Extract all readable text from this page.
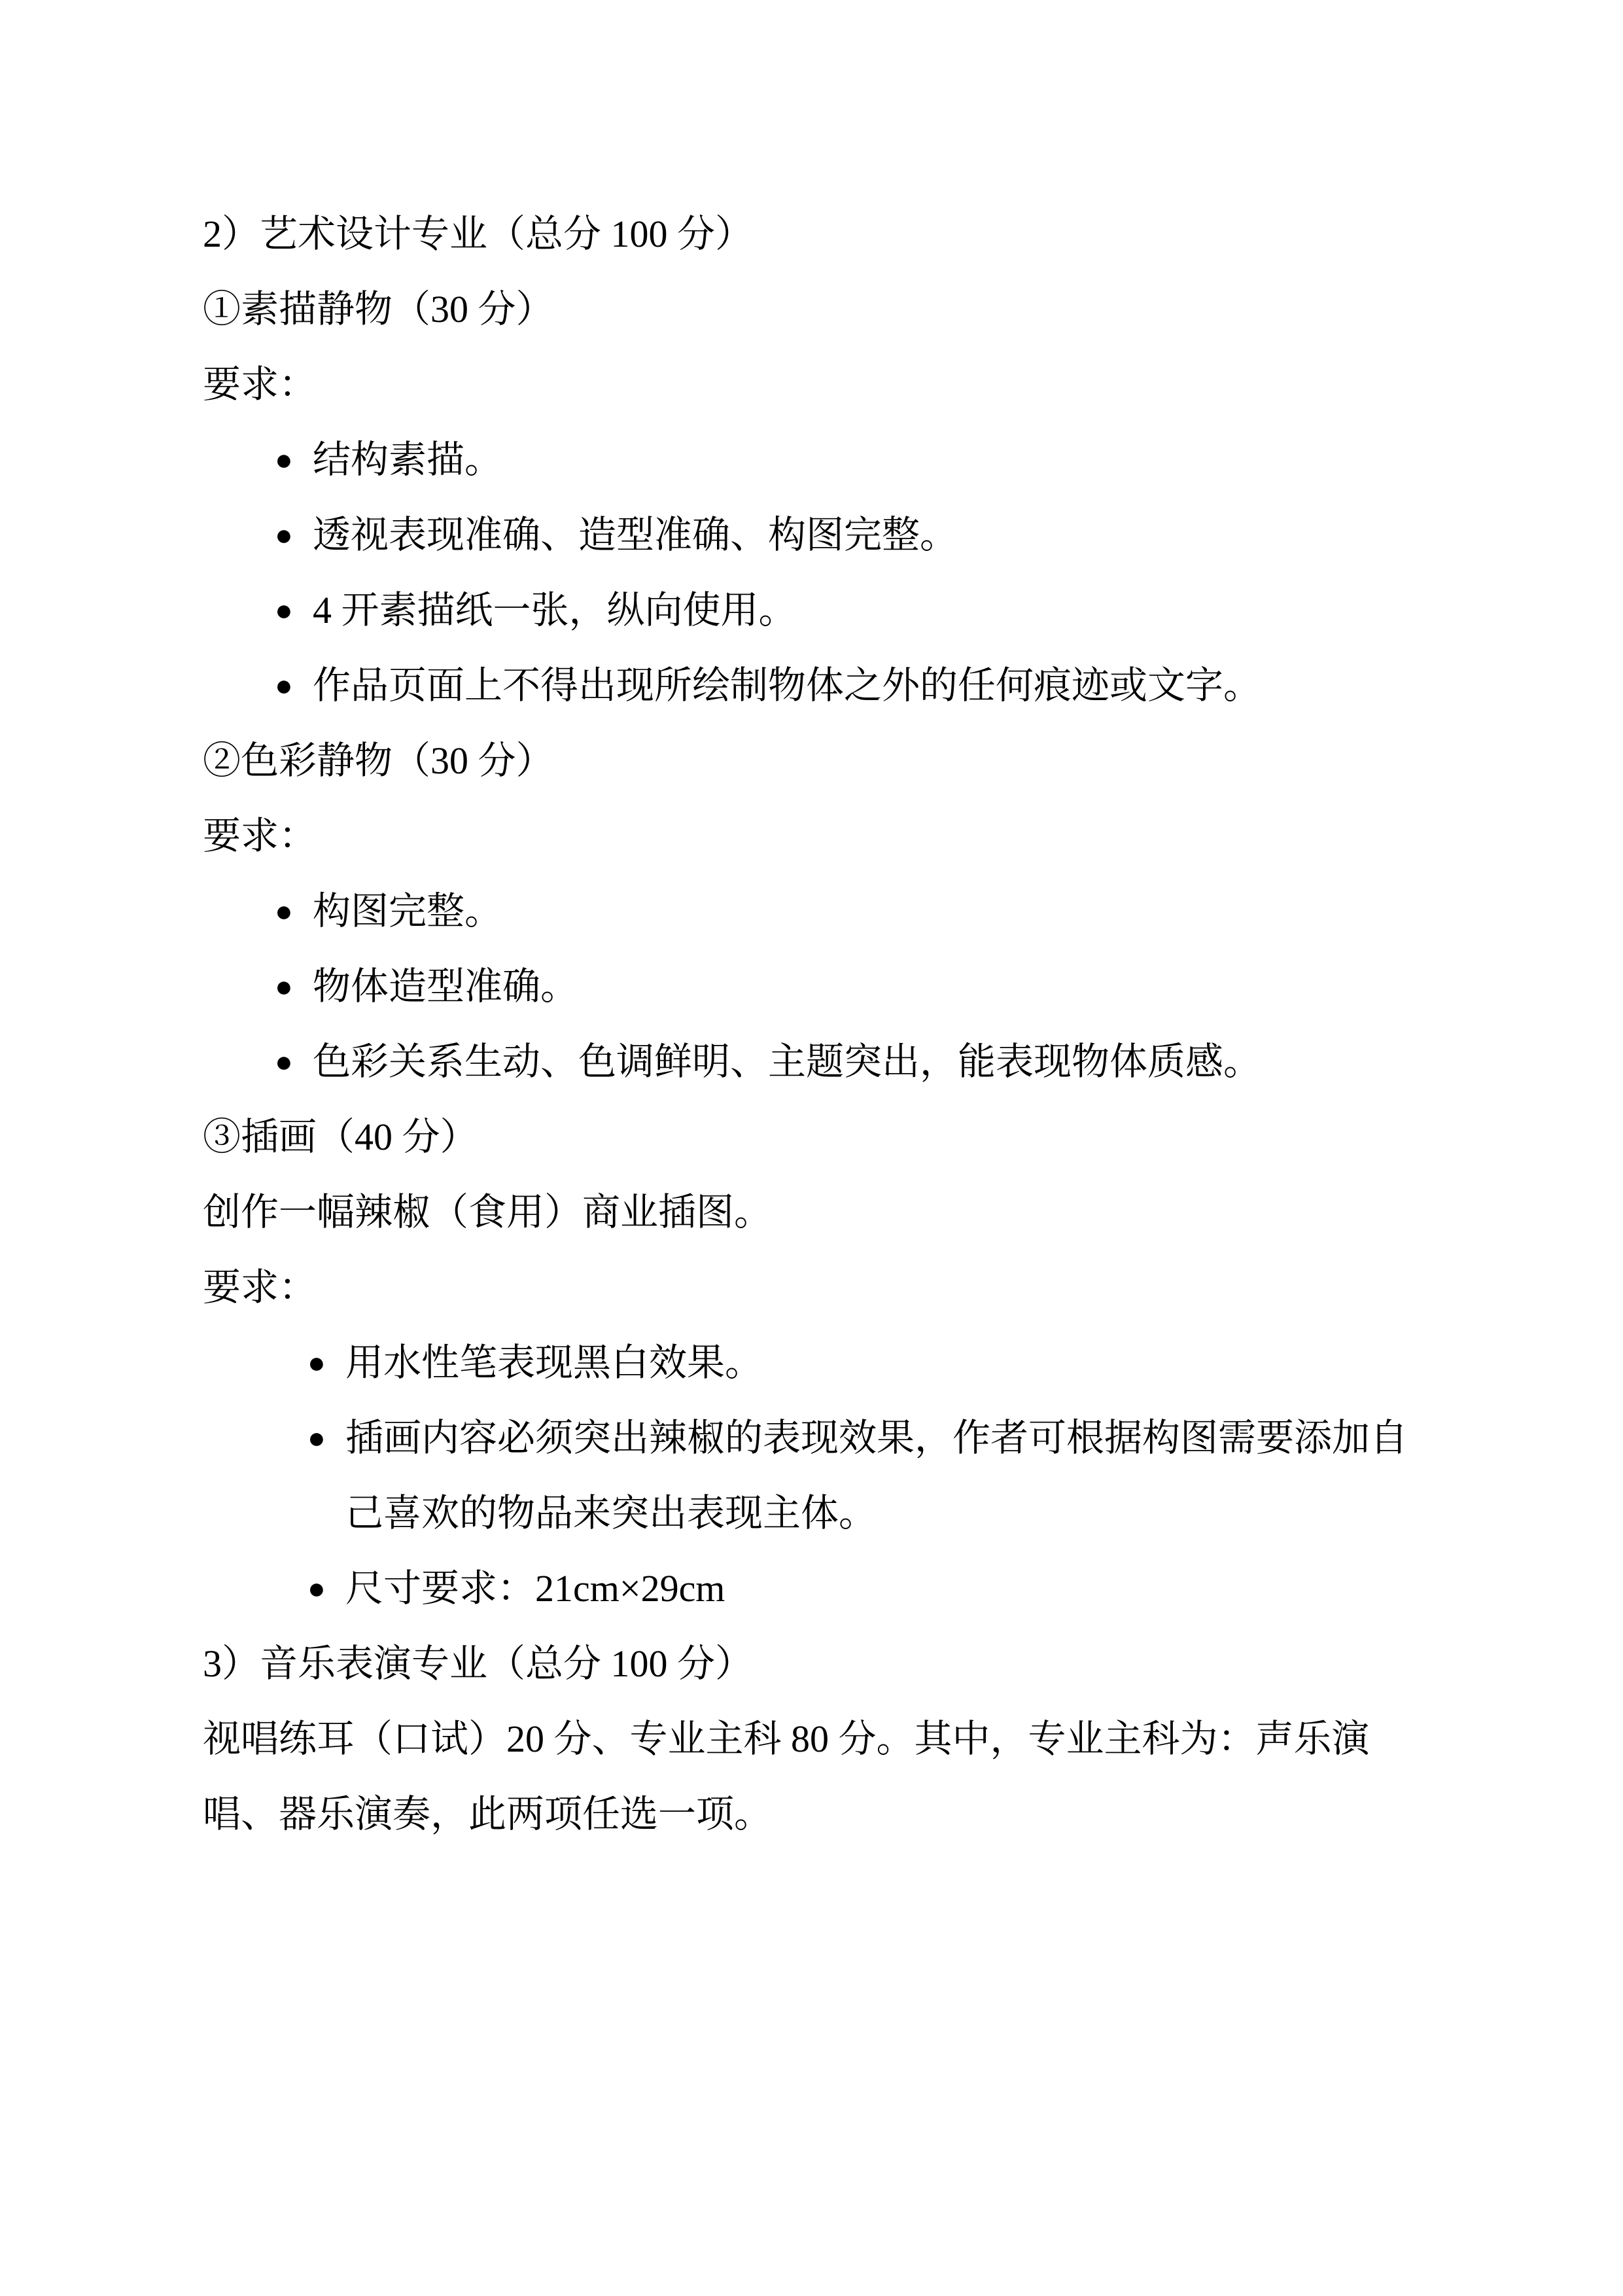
2）艺术设计专业（总分 100 分）

①素描静物（30 分）

要求：

● 结构素描。
● 透视表现准确、造型准确、构图完整。
● 4 开素描纸一张，纵向使用。
● 作品页面上不得出现所绘制物体之外的任何痕迹或文字。

②色彩静物（30 分）

要求：

● 构图完整。
● 物体造型准确。
● 色彩关系生动、色调鲜明、主题突出，能表现物体质感。

③插画（40 分）

创作一幅辣椒（食用）商业插图。

要求：

● 用水性笔表现黑白效果。
● 插画内容必须突出辣椒的表现效果，作者可根据构图需要添加自己喜欢的物品来突出表现主体。
● 尺寸要求：21cm×29cm

3）音乐表演专业（总分 100 分）

视唱练耳（口试）20 分、专业主科 80 分。其中，专业主科为：声乐演唱、器乐演奏，此两项任选一项。
